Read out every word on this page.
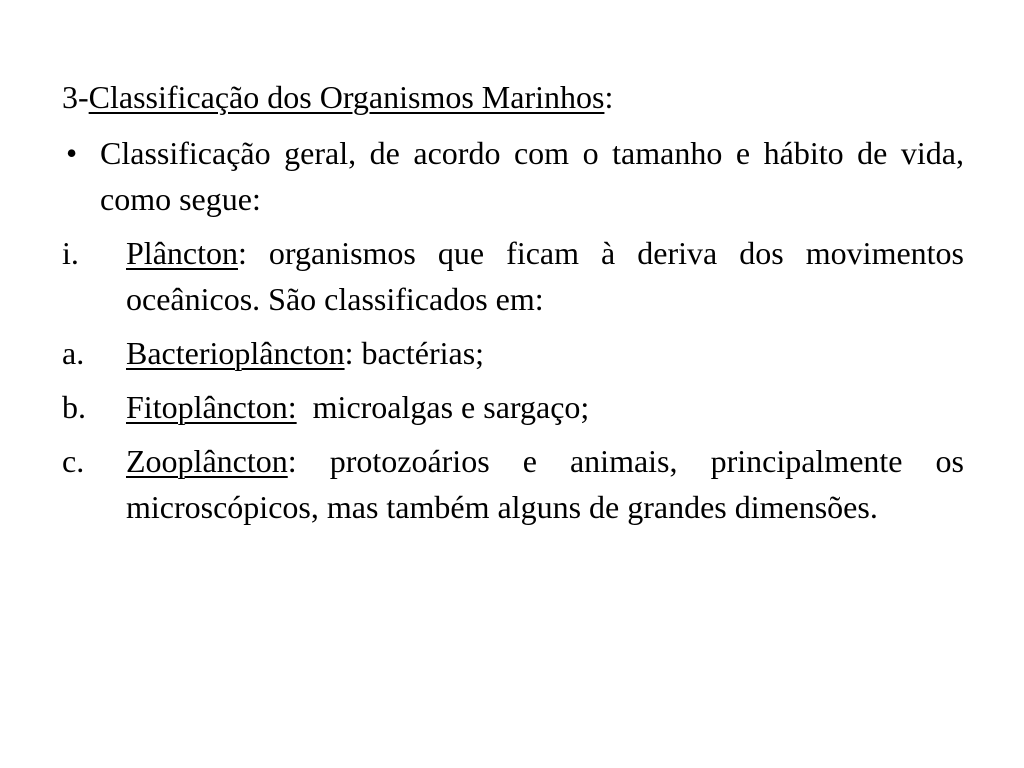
3-Classificação dos Organismos Marinhos:
• Classificação geral, de acordo com o tamanho e hábito de vida, como segue:
i.	Plâncton: organismos que ficam à deriva dos movimentos oceânicos. São classificados em:
a.	Bacterioplâncton: bactérias;
b.	Fitoplâncton:  microalgas e sargaço;
c.	Zooplâncton: protozoários e animais, principalmente os microscópicos, mas também alguns de grandes dimensões.
